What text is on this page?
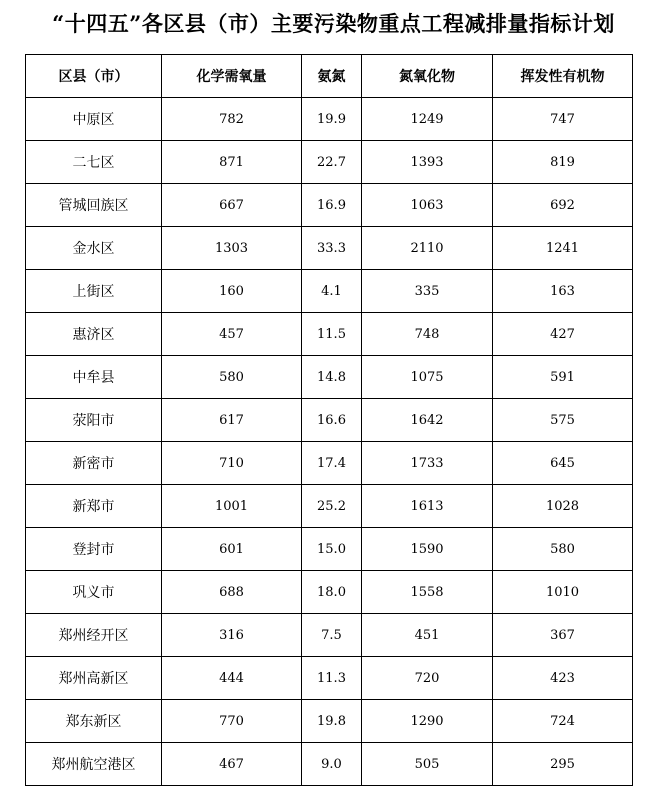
“十四五”各区县（市）主要污染物重点工程减排量指标计划
区县（市）	化学需氧量	氨氮	氮氧化物	挥发性有机物
中原区	782	19.9	1249	747
二七区	871	22.7	1393	819
管城回族区	667	16.9	1063	692
金水区	1303	33.3	2110	1241
上街区	160	4.1	335	163
惠济区	457	11.5	748	427
中牟县	580	14.8	1075	591
荥阳市	617	16.6	1642	575
新密市	710	17.4	1733	645
新郑市	1001	25.2	1613	1028
登封市	601	15.0	1590	580
巩义市	688	18.0	1558	1010
郑州经开区	316	7.5	451	367
郑州高新区	444	11.3	720	423
郑东新区	770	19.8	1290	724
郑州航空港区	467	9.0	505	295
